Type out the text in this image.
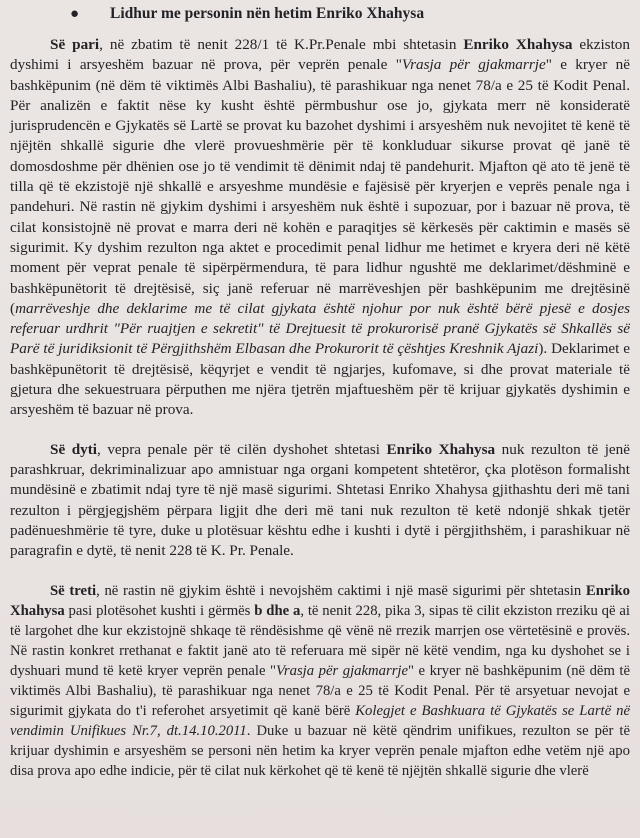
●	Lidhur me personin nën hetim Enriko Xhahysa

Së pari, në zbatim të nenit 228/1 të K.Pr.Penale mbi shtetasin Enriko Xhahysa ekziston dyshimi i arsyeshëm bazuar në prova, për veprën penale "Vrasja për gjakmarrje" e kryer në bashkëpunim (në dëm të viktimës Albi Bashaliu), të parashikuar nga nenet 78/a e 25 të Kodit Penal. Për analizën e faktit nëse ky kusht është përmbushur ose jo, gjykata merr në konsideratë jurisprudencën e Gjykatës së Lartë se provat ku bazohet dyshimi i arsyeshëm nuk nevojitet të kenë të njëjtën shkallë sigurie dhe vlerë provueshmërie për të konkluduar sikurse provat që janë të domosdoshme për dhënien ose jo të vendimit të dënimit ndaj të pandehurit. Mjafton që ato të jenë të tilla që të ekzistojë një shkallë e arsyeshme mundësie e fajësisë për kryerjen e veprës penale nga i pandehuri. Në rastin në gjykim dyshimi i arsyeshëm nuk është i supozuar, por i bazuar në prova, të cilat konsistojnë në provat e marra deri në kohën e paraqitjes së kërkesës për caktimin e masës së sigurimit. Ky dyshim rezulton nga aktet e procedimit penal lidhur me hetimet e kryera deri në këtë moment për veprat penale të sipërpërmendura, të para lidhur ngushtë me deklarimet/dëshminë e bashkëpunëtorit të drejtësisë, siç janë referuar në marrëveshjen për bashkëpunim me drejtësinë (marrëveshje dhe deklarime me të cilat gjykata është njohur por nuk është bërë pjesë e dosjes referuar urdhrit "Për ruajtjen e sekretit" të Drejtuesit të prokurorisë pranë Gjykatës së Shkallës së Parë të juridiksionit të Përgjithshëm Elbasan dhe Prokurorit të çështjes Kreshnik Ajazi). Deklarimet e bashkëpunëtorit të drejtësisë, këqyrjet e vendit të ngjarjes, kufomave, si dhe provat materiale të gjetura dhe sekuestruara përputhen me njëra tjetrën mjaftueshëm për të krijuar gjykatës dyshimin e arsyeshëm të bazuar në prova.

Së dyti, vepra penale për të cilën dyshohet shtetasi Enriko Xhahysa nuk rezulton të jenë parashkruar, dekriminalizuar apo amnistuar nga organi kompetent shtetëror, çka plotëson formalisht mundësinë e zbatimit ndaj tyre të një masë sigurimi. Shtetasi Enriko Xhahysa gjithashtu deri më tani rezulton i përgjegjshëm përpara ligjit dhe deri më tani nuk rezulton të ketë ndonjë shkak tjetër padënueshmërie të tyre, duke u plotësuar kështu edhe i kushti i dytë i përgjithshëm, i parashikuar në paragrafin e dytë, të nenit 228 të K. Pr. Penale.

Së treti, në rastin në gjykim është i nevojshëm caktimi i një masë sigurimi për shtetasin Enriko Xhahysa pasi plotësohet kushti i gërmës b dhe a, të nenit 228, pika 3, sipas të cilit ekziston rreziku që ai të largohet dhe kur ekzistojnë shkaqe të rëndësishme që vënë në rrezik marrjen ose vërtetësinë e provës. Në rastin konkret rrethanat e faktit janë ato të referuara më sipër në këtë vendim, nga ku dyshohet se i dyshuari mund të ketë kryer veprën penale "Vrasja për gjakmarrje" e kryer në bashkëpunim (në dëm të viktimës Albi Bashaliu), të parashikuar nga nenet 78/a e 25 të Kodit Penal. Për të arsyetuar nevojat e sigurimit gjykata do t'i referohet arsyetimit që kanë bërë Kolegjet e Bashkuara të Gjykatës se Lartë në vendimin Unifikues Nr.7, dt.14.10.2011. Duke u bazuar në këtë qëndrim unifikues, rezulton se për të krijuar dyshimin e arsyeshëm se personi nën hetim ka kryer veprën penale mjafton edhe vetëm një apo disa prova apo edhe indicie, për të cilat nuk kërkohet që të kenë të njëjtën shkallë sigurie dhe vlerë
